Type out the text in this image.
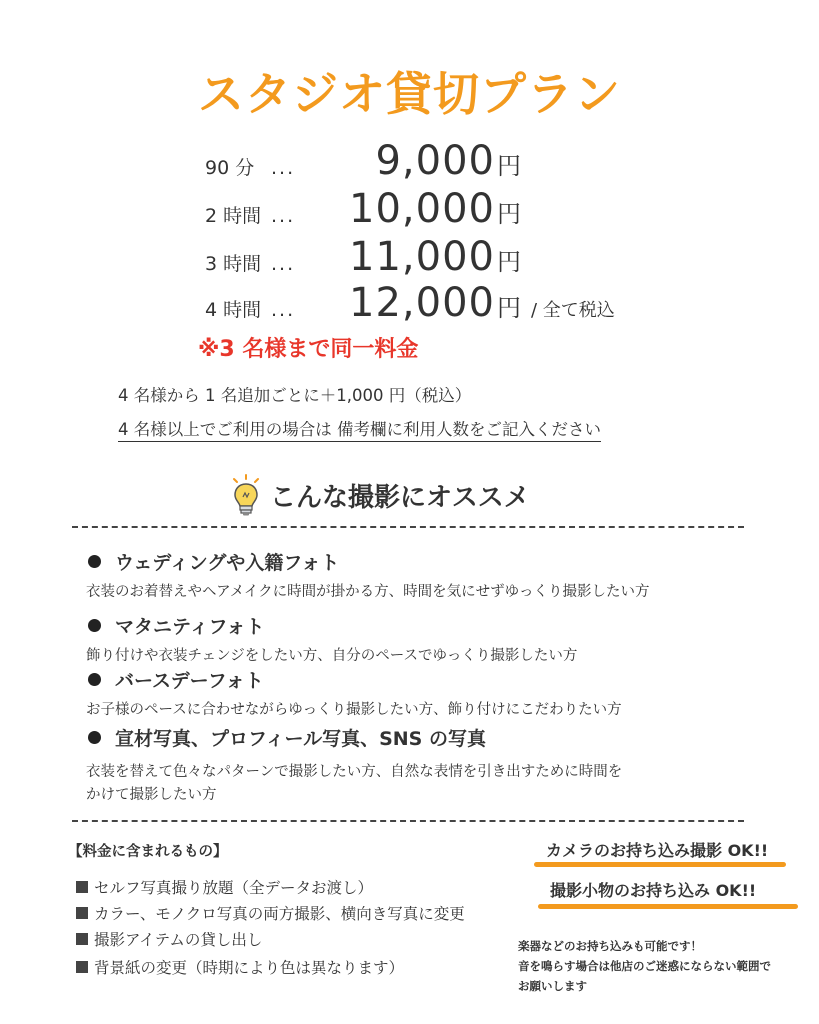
スタジオ貸切プラン
90 分 ...	9,000 円
2 時間 ...	10,000 円
3 時間 ...	11,000 円
4 時間 ...	12,000 円 / 全て税込
※3 名様まで同一料金
4 名様から 1 名追加ごとに＋1,000 円（税込）
4 名様以上でご利用の場合は 備考欄に利用人数をご記入ください
こんな撮影にオススメ
ウェディングや入籍フォト
衣装のお着替えやヘアメイクに時間が掛かる方、時間を気にせずゆっくり撮影したい方
マタニティフォト
飾り付けや衣装チェンジをしたい方、自分のペースでゆっくり撮影したい方
バースデーフォト
お子様のペースに合わせながらゆっくり撮影したい方、飾り付けにこだわりたい方
宣材写真、プロフィール写真、SNS の写真
衣装を替えて色々なパターンで撮影したい方、自然な表情を引き出すために時間を
かけて撮影したい方
【料金に含まれるもの】
セルフ写真撮り放題（全データお渡し）
カラー、モノクロ写真の両方撮影、横向き写真に変更
撮影アイテムの貸し出し
背景紙の変更（時期により色は異なります）
カメラのお持ち込み撮影 OK!!
撮影小物のお持ち込み OK!!
楽器などのお持ち込みも可能です！
音を鳴らす場合は他店のご迷惑にならない範囲で
お願いします
